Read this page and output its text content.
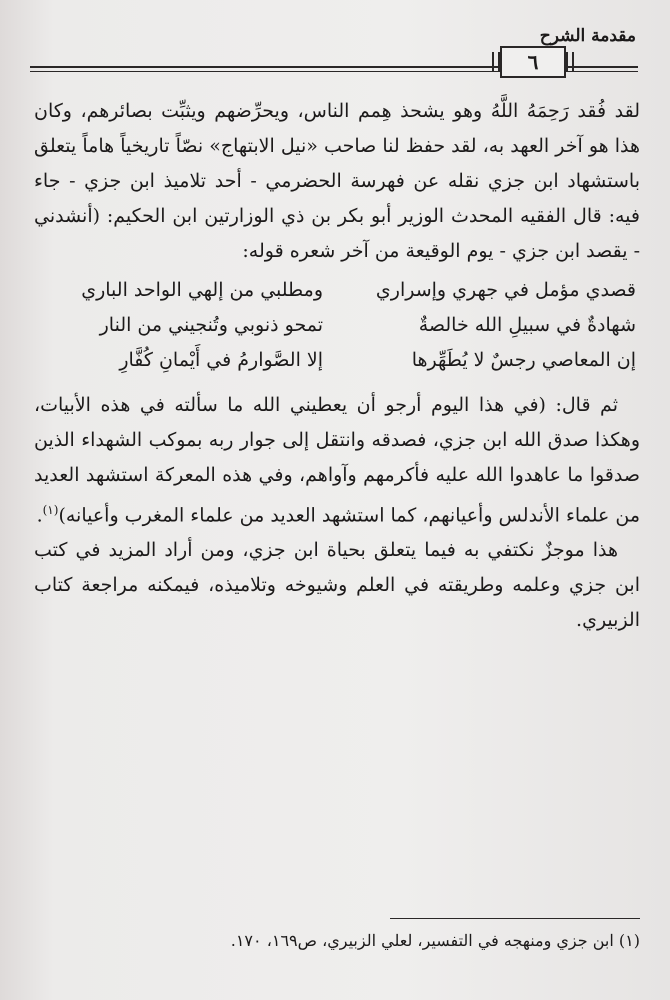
مقدمة الشرح
٦

لقد فُقد رَحِمَهُ اللَّهُ وهو يشحذ هِمم الناس، ويحرِّضهم ويثبِّت بصائرهم، وكان هذا هو آخر العهد به، لقد حفظ لنا صاحب «نيل الابتهاج» نصّاً تاريخياً هاماً يتعلق باستشهاد ابن جزي نقله عن فهرسة الحضرمي - أحد تلاميذ ابن جزي - جاء فيه: قال الفقيه المحدث الوزير أبو بكر بن ذي الوزارتين ابن الحكيم: (أنشدني - يقصد ابن جزي - يوم الوقيعة من آخر شعره قوله:

قصدي مؤمل في جهري وإسراري
ومطلبي من إلهي الواحد الباري
شهادةٌ في سبيلِ الله خالصةٌ
تمحو ذنوبي وتُنجيني من النار
إن المعاصي رجسٌ لا يُطَهِّرها
إلا الصَّوارمُ في أَيْمانِ كُفَّارِ

ثم قال: (في هذا اليوم أرجو أن يعطيني الله ما سألته في هذه الأبيات، وهكذا صدق الله ابن جزي، فصدقه وانتقل إلى جوار ربه بموكب الشهداء الذين صدقوا ما عاهدوا الله عليه فأكرمهم وآواهم، وفي هذه المعركة استشهد العديد من علماء الأندلس وأعيانهم، كما استشهد العديد من علماء المغرب وأعيانه)$^{(١)}$.

هذا موجزٌ نكتفي به فيما يتعلق بحياة ابن جزي، ومن أراد المزيد في كتب ابن جزي وعلمه وطريقته في العلم وشيوخه وتلاميذه، فيمكنه مراجعة كتاب الزبيري.

(١) ابن جزي ومنهجه في التفسير، لعلي الزبيري، ص١٦٩، ١٧٠.
